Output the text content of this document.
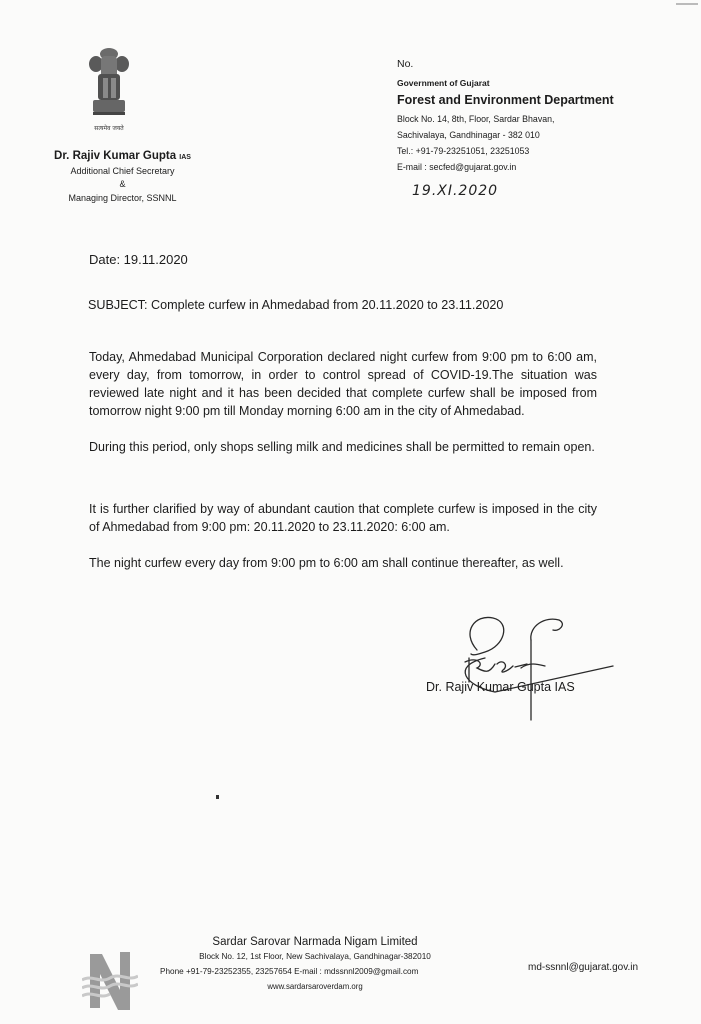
सत्यमेव जयते
Dr. Rajiv Kumar Gupta IAS
Additional Chief Secretary
&
Managing Director, SSNNL
No.
Government of Gujarat
Forest and Environment Department
Block No. 14, 8th, Floor, Sardar Bhavan,
Sachivalaya, Gandhinagar - 382 010
Tel.: +91-79-23251051, 23251053
E-mail : secfed@gujarat.gov.in
19.XI.2020
Date: 19.11.2020
SUBJECT: Complete curfew in Ahmedabad from 20.11.2020 to 23.11.2020
Today, Ahmedabad Municipal Corporation declared night curfew from 9:00 pm to 6:00 am, every day, from tomorrow, in order to control spread of COVID-19.The situation was reviewed late night and it has been decided that complete curfew shall be imposed from tomorrow night 9:00 pm till Monday morning 6:00 am in the city of Ahmedabad.
During this period, only shops selling milk and medicines shall be permitted to remain open.
It is further clarified by way of abundant caution that complete curfew is imposed in the city of Ahmedabad from 9:00 pm: 20.11.2020 to 23.11.2020: 6:00 am.
The night curfew every day from 9:00 pm to 6:00 am shall continue thereafter, as well.
Dr. Rajiv Kumar Gupta IAS
Sardar Sarovar Narmada Nigam Limited
Block No. 12, 1st Floor, New Sachivalaya, Gandhinagar-382010
Phone +91-79-23252355, 23257654 E-mail : mdssnnl2009@gmail.com
www.sardarsaroverdam.org
md-ssnnl@gujarat.gov.in
